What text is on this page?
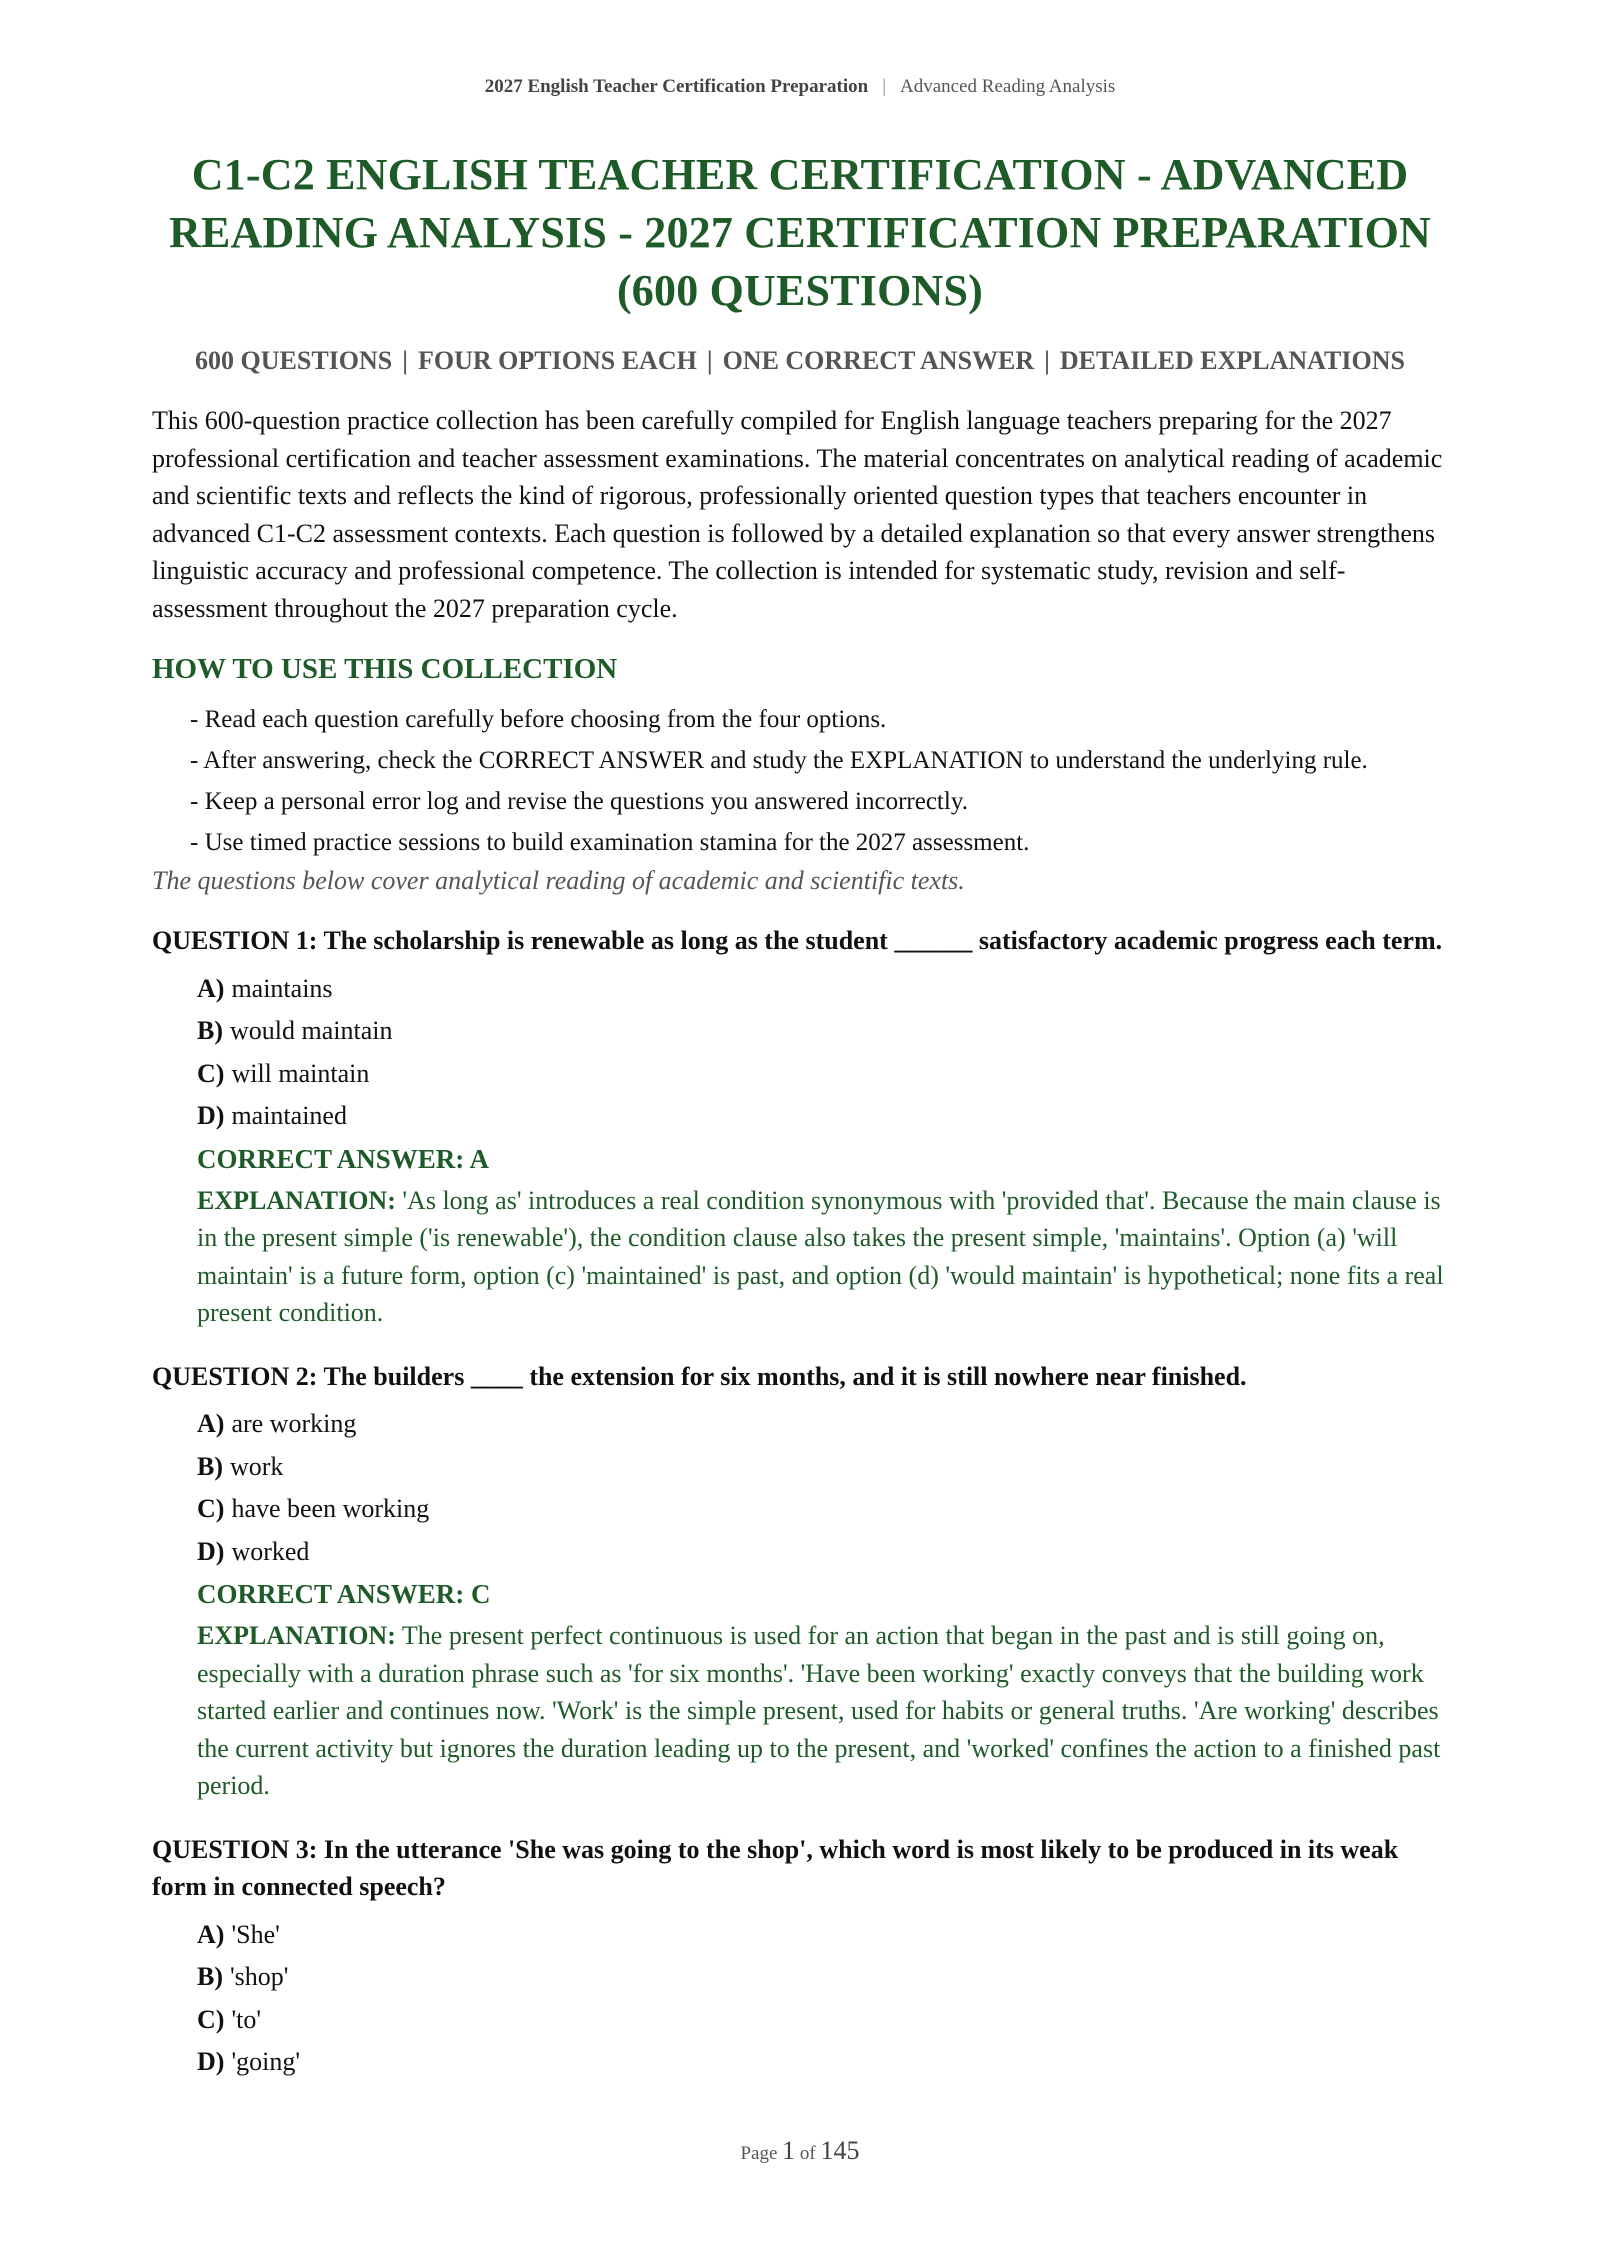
2027 English Teacher Certification Preparation | Advanced Reading Analysis
C1-C2 ENGLISH TEACHER CERTIFICATION - ADVANCED
READING ANALYSIS - 2027 CERTIFICATION PREPARATION
(600 QUESTIONS)
600 QUESTIONS | FOUR OPTIONS EACH | ONE CORRECT ANSWER | DETAILED EXPLANATIONS

This 600-question practice collection has been carefully compiled for English language teachers preparing for the 2027 professional certification and teacher assessment examinations. The material concentrates on analytical reading of academic and scientific texts and reflects the kind of rigorous, professionally oriented question types that teachers encounter in advanced C1-C2 assessment contexts. Each question is followed by a detailed explanation so that every answer strengthens linguistic accuracy and professional competence. The collection is intended for systematic study, revision and self-assessment throughout the 2027 preparation cycle.

HOW TO USE THIS COLLECTION
- Read each question carefully before choosing from the four options.
- After answering, check the CORRECT ANSWER and study the EXPLANATION to understand the underlying rule.
- Keep a personal error log and revise the questions you answered incorrectly.
- Use timed practice sessions to build examination stamina for the 2027 assessment.
The questions below cover analytical reading of academic and scientific texts.
QUESTION 1: The scholarship is renewable as long as the student ______ satisfactory academic progress each term.
A) maintains
B) would maintain
C) will maintain
D) maintained
CORRECT ANSWER: A
EXPLANATION: 'As long as' introduces a real condition synonymous with 'provided that'. Because the main clause is in the present simple ('is renewable'), the condition clause also takes the present simple, 'maintains'. Option (a) 'will maintain' is a future form, option (c) 'maintained' is past, and option (d) 'would maintain' is hypothetical; none fits a real present condition.
QUESTION 2: The builders ____ the extension for six months, and it is still nowhere near finished.
A) are working
B) work
C) have been working
D) worked
CORRECT ANSWER: C
EXPLANATION: The present perfect continuous is used for an action that began in the past and is still going on, especially with a duration phrase such as 'for six months'. 'Have been working' exactly conveys that the building work started earlier and continues now. 'Work' is the simple present, used for habits or general truths. 'Are working' describes the current activity but ignores the duration leading up to the present, and 'worked' confines the action to a finished past period.
QUESTION 3: In the utterance 'She was going to the shop', which word is most likely to be produced in its weak form in connected speech?
A) 'She'
B) 'shop'
C) 'to'
D) 'going'
Page 1 of 145
